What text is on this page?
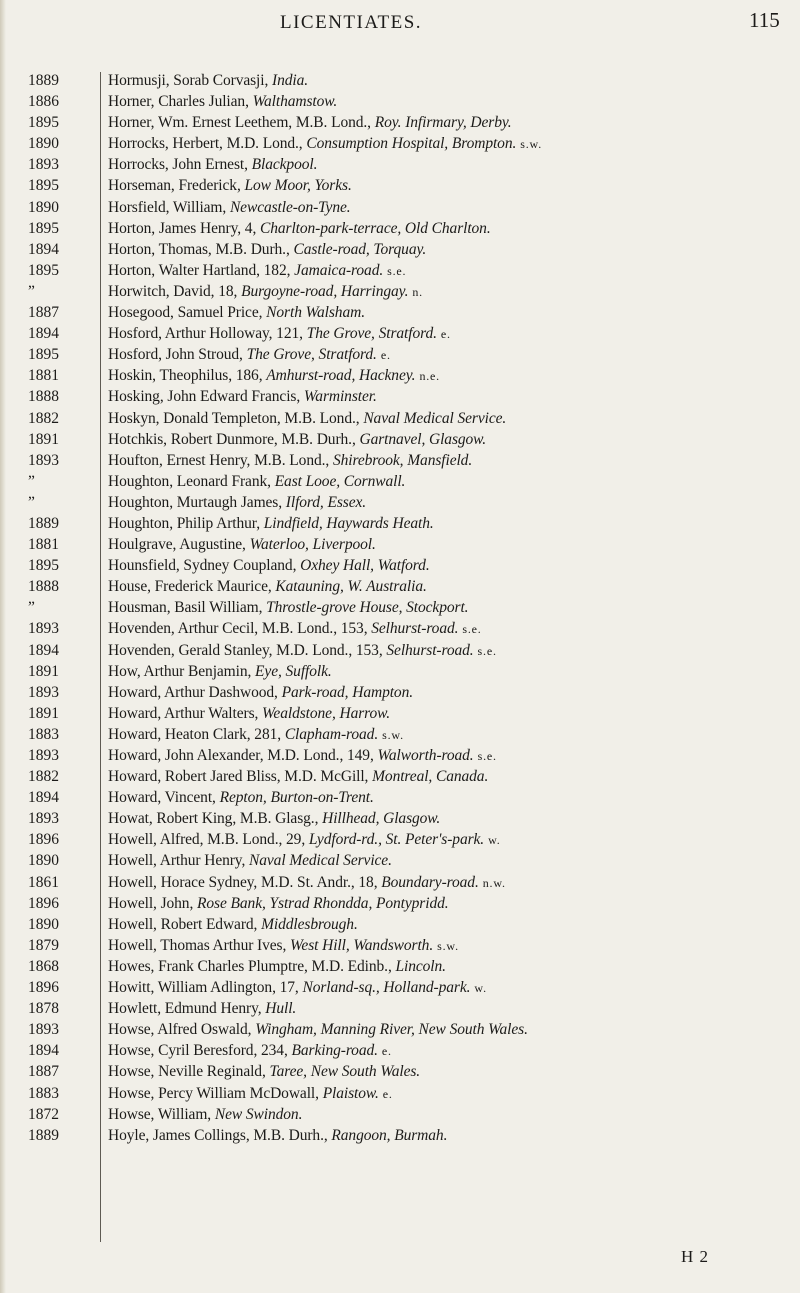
LICENTIATES.	115
1889	Hormusji, Sorab Corvasji, India.
1886	Horner, Charles Julian, Walthamstow.
1895	Horner, Wm. Ernest Leethem, M.B. Lond., Roy. Infirmary, Derby.
1890	Horrocks, Herbert, M.D. Lond., Consumption Hospital, Brompton. s.w.
1893	Horrocks, John Ernest, Blackpool.
1895	Horseman, Frederick, Low Moor, Yorks.
1890	Horsfield, William, Newcastle-on-Tyne.
1895	Horton, James Henry, 4, Charlton-park-terrace, Old Charlton.
1894	Horton, Thomas, M.B. Durh., Castle-road, Torquay.
1895	Horton, Walter Hartland, 182, Jamaica-road. s.e.
”	Horwitch, David, 18, Burgoyne-road, Harringay. n.
1887	Hosegood, Samuel Price, North Walsham.
1894	Hosford, Arthur Holloway, 121, The Grove, Stratford. e.
1895	Hosford, John Stroud, The Grove, Stratford. e.
1881	Hoskin, Theophilus, 186, Amhurst-road, Hackney. n.e.
1888	Hosking, John Edward Francis, Warminster.
1882	Hoskyn, Donald Templeton, M.B. Lond., Naval Medical Service.
1891	Hotchkis, Robert Dunmore, M.B. Durh., Gartnavel, Glasgow.
1893	Houfton, Ernest Henry, M.B. Lond., Shirebrook, Mansfield.
”	Houghton, Leonard Frank, East Looe, Cornwall.
”	Houghton, Murtaugh James, Ilford, Essex.
1889	Houghton, Philip Arthur, Lindfield, Haywards Heath.
1881	Houlgrave, Augustine, Waterloo, Liverpool.
1895	Hounsfield, Sydney Coupland, Oxhey Hall, Watford.
1888	House, Frederick Maurice, Katauning, W. Australia.
”	Housman, Basil William, Throstle-grove House, Stockport.
1893	Hovenden, Arthur Cecil, M.B. Lond., 153, Selhurst-road. s.e.
1894	Hovenden, Gerald Stanley, M.D. Lond., 153, Selhurst-road. s.e.
1891	How, Arthur Benjamin, Eye, Suffolk.
1893	Howard, Arthur Dashwood, Park-road, Hampton.
1891	Howard, Arthur Walters, Wealdstone, Harrow.
1883	Howard, Heaton Clark, 281, Clapham-road. s.w.
1893	Howard, John Alexander, M.D. Lond., 149, Walworth-road. s.e.
1882	Howard, Robert Jared Bliss, M.D. McGill, Montreal, Canada.
1894	Howard, Vincent, Repton, Burton-on-Trent.
1893	Howat, Robert King, M.B. Glasg., Hillhead, Glasgow.
1896	Howell, Alfred, M.B. Lond., 29, Lydford-rd., St. Peter's-park. w.
1890	Howell, Arthur Henry, Naval Medical Service.
1861	Howell, Horace Sydney, M.D. St. Andr., 18, Boundary-road. n.w.
1896	Howell, John, Rose Bank, Ystrad Rhondda, Pontypridd.
1890	Howell, Robert Edward, Middlesbrough.
1879	Howell, Thomas Arthur Ives, West Hill, Wandsworth. s.w.
1868	Howes, Frank Charles Plumptre, M.D. Edinb., Lincoln.
1896	Howitt, William Adlington, 17, Norland-sq., Holland-park. w.
1878	Howlett, Edmund Henry, Hull.
1893	Howse, Alfred Oswald, Wingham, Manning River, New South Wales.
1894	Howse, Cyril Beresford, 234, Barking-road. e.
1887	Howse, Neville Reginald, Taree, New South Wales.
1883	Howse, Percy William McDowall, Plaistow. e.
1872	Howse, William, New Swindon.
1889	Hoyle, James Collings, M.B. Durh., Rangoon, Burmah.
H 2
